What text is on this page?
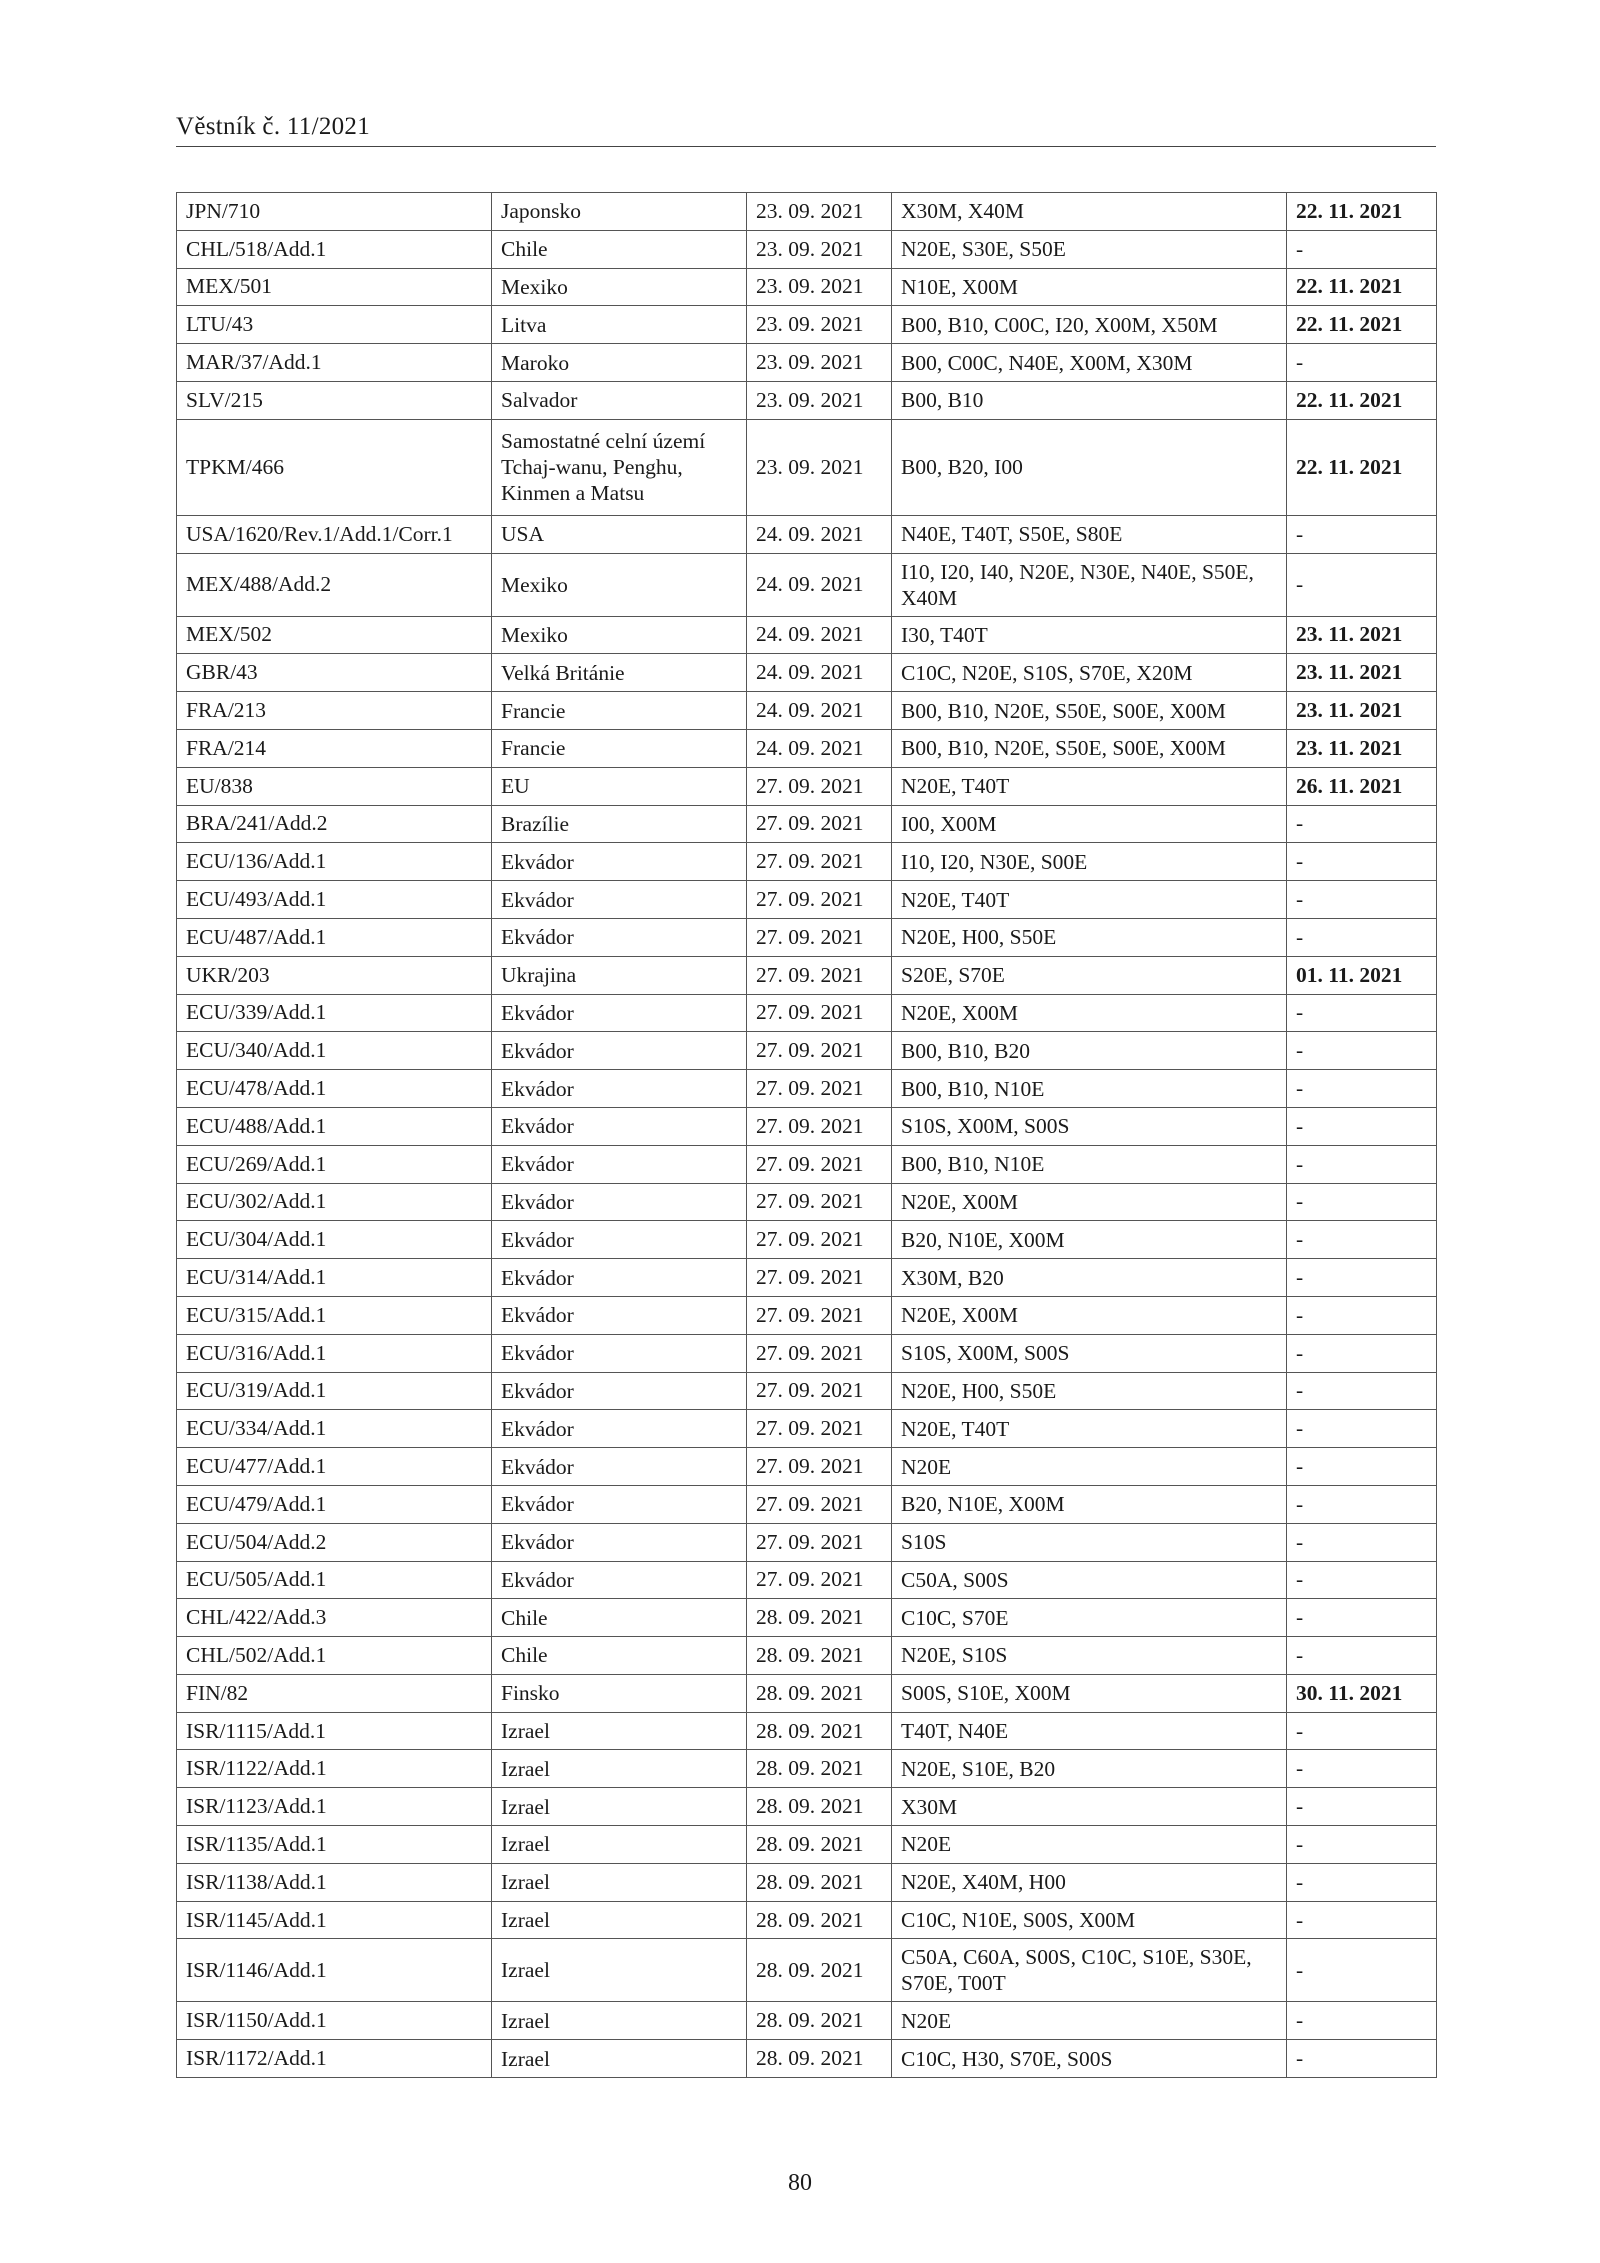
Věstník č. 11/2021
JPN/710	Japonsko	23. 09. 2021	X30M, X40M	22. 11. 2021
CHL/518/Add.1	Chile	23. 09. 2021	N20E, S30E, S50E	-
MEX/501	Mexiko	23. 09. 2021	N10E, X00M	22. 11. 2021
LTU/43	Litva	23. 09. 2021	B00, B10, C00C, I20, X00M, X50M	22. 11. 2021
MAR/37/Add.1	Maroko	23. 09. 2021	B00, C00C, N40E, X00M, X30M	-
SLV/215	Salvador	23. 09. 2021	B00, B10	22. 11. 2021
TPKM/466	Samostatné celní území Tchaj-wanu, Penghu, Kinmen a Matsu	23. 09. 2021	B00, B20, I00	22. 11. 2021
USA/1620/Rev.1/Add.1/Corr.1	USA	24. 09. 2021	N40E, T40T, S50E, S80E	-
MEX/488/Add.2	Mexiko	24. 09. 2021	I10, I20, I40, N20E, N30E, N40E, S50E, X40M	-
MEX/502	Mexiko	24. 09. 2021	I30, T40T	23. 11. 2021
GBR/43	Velká Británie	24. 09. 2021	C10C, N20E, S10S, S70E, X20M	23. 11. 2021
FRA/213	Francie	24. 09. 2021	B00, B10, N20E, S50E, S00E, X00M	23. 11. 2021
FRA/214	Francie	24. 09. 2021	B00, B10, N20E, S50E, S00E, X00M	23. 11. 2021
EU/838	EU	27. 09. 2021	N20E, T40T	26. 11. 2021
BRA/241/Add.2	Brazílie	27. 09. 2021	I00, X00M	-
ECU/136/Add.1	Ekvádor	27. 09. 2021	I10, I20, N30E, S00E	-
ECU/493/Add.1	Ekvádor	27. 09. 2021	N20E, T40T	-
ECU/487/Add.1	Ekvádor	27. 09. 2021	N20E, H00, S50E	-
UKR/203	Ukrajina	27. 09. 2021	S20E, S70E	01. 11. 2021
ECU/339/Add.1	Ekvádor	27. 09. 2021	N20E, X00M	-
ECU/340/Add.1	Ekvádor	27. 09. 2021	B00, B10, B20	-
ECU/478/Add.1	Ekvádor	27. 09. 2021	B00, B10, N10E	-
ECU/488/Add.1	Ekvádor	27. 09. 2021	S10S, X00M, S00S	-
ECU/269/Add.1	Ekvádor	27. 09. 2021	B00, B10, N10E	-
ECU/302/Add.1	Ekvádor	27. 09. 2021	N20E, X00M	-
ECU/304/Add.1	Ekvádor	27. 09. 2021	B20, N10E, X00M	-
ECU/314/Add.1	Ekvádor	27. 09. 2021	X30M, B20	-
ECU/315/Add.1	Ekvádor	27. 09. 2021	N20E, X00M	-
ECU/316/Add.1	Ekvádor	27. 09. 2021	S10S, X00M, S00S	-
ECU/319/Add.1	Ekvádor	27. 09. 2021	N20E, H00, S50E	-
ECU/334/Add.1	Ekvádor	27. 09. 2021	N20E, T40T	-
ECU/477/Add.1	Ekvádor	27. 09. 2021	N20E	-
ECU/479/Add.1	Ekvádor	27. 09. 2021	B20, N10E, X00M	-
ECU/504/Add.2	Ekvádor	27. 09. 2021	S10S	-
ECU/505/Add.1	Ekvádor	27. 09. 2021	C50A, S00S	-
CHL/422/Add.3	Chile	28. 09. 2021	C10C, S70E	-
CHL/502/Add.1	Chile	28. 09. 2021	N20E, S10S	-
FIN/82	Finsko	28. 09. 2021	S00S, S10E, X00M	30. 11. 2021
ISR/1115/Add.1	Izrael	28. 09. 2021	T40T, N40E	-
ISR/1122/Add.1	Izrael	28. 09. 2021	N20E, S10E, B20	-
ISR/1123/Add.1	Izrael	28. 09. 2021	X30M	-
ISR/1135/Add.1	Izrael	28. 09. 2021	N20E	-
ISR/1138/Add.1	Izrael	28. 09. 2021	N20E, X40M, H00	-
ISR/1145/Add.1	Izrael	28. 09. 2021	C10C, N10E, S00S, X00M	-
ISR/1146/Add.1	Izrael	28. 09. 2021	C50A, C60A, S00S, C10C, S10E, S30E, S70E, T00T	-
ISR/1150/Add.1	Izrael	28. 09. 2021	N20E	-
ISR/1172/Add.1	Izrael	28. 09. 2021	C10C, H30, S70E, S00S	-
80
